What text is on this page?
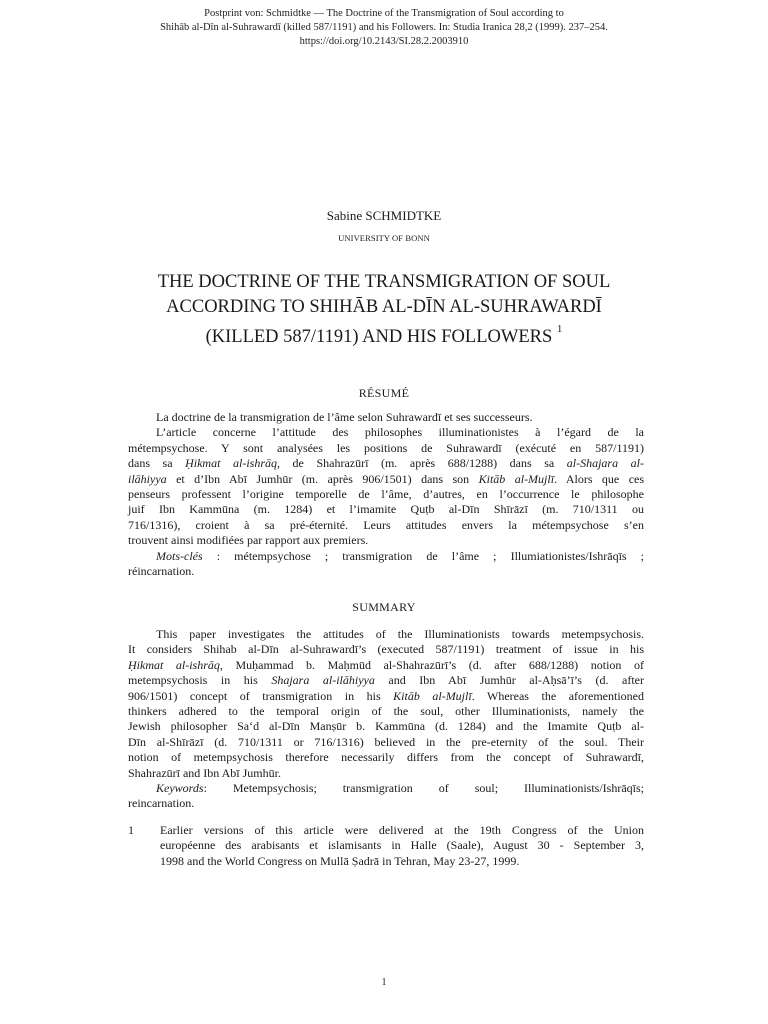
Postprint von: Schmidtke — The Doctrine of the Transmigration of Soul according to
Shihāb al-Dīn al-Suhrawardī (killed 587/1191) and his Followers. In: Studia Iranica 28,2 (1999). 237–254.
https://doi.org/10.2143/SI.28.2.2003910
Sabine SCHMIDTKE
UNIVERSITY OF BONN
THE DOCTRINE OF THE TRANSMIGRATION OF SOUL
ACCORDING TO SHIHĀB AL-DĪN AL-SUHRAWARDĪ
(KILLED 587/1191) AND HIS FOLLOWERS $^1$
RÉSUMÉ
La doctrine de la transmigration de l’âme selon Suhrawardī et ses successeurs.
L’article concerne l’attitude des philosophes illuminationistes à l’égard de la
métempsychose. Y sont analysées les positions de Suhrawardī (exécuté en 587/1191)
dans sa Ḥikmat al-ishrāq, de Shahrazūrī (m. après 688/1288) dans sa al-Shajara al-
ilāhiyya et d’Ibn Abī Jumhūr (m. après 906/1501) dans son Kitāb al-Mujlī. Alors que ces
penseurs professent l’origine temporelle de l’âme, d’autres, en l’occurrence le philosophe
juif Ibn Kammūna (m. 1284) et l’imamite Quṭb al-Dīn Shīrāzī (m. 710/1311 ou
716/1316), croient à sa pré-éternité. Leurs attitudes envers la métempsychose s’en
trouvent ainsi modifiées par rapport aux premiers.
Mots-clés : métempsychose ; transmigration de l’âme ; Illumiationistes/Ishrāqīs ;
réincarnation.
SUMMARY
This paper investigates the attitudes of the Illuminationists towards metempsychosis.
It considers Shihab al-Dīn al-Suhrawardī’s (executed 587/1191) treatment of issue in his
Ḥikmat al-ishrāq, Muḥammad b. Maḥmūd al-Shahrazūrī’s (d. after 688/1288) notion of
metempsychosis in his Shajara al-ilāhiyya and Ibn Abī Jumhūr al-Aḥsā’ī’s (d. after
906/1501) concept of transmigration in his Kitāb al-Mujlī. Whereas the aforementioned
thinkers adhered to the temporal origin of the soul, other Illuminationists, namely the
Jewish philosopher Sa‘d al-Dīn Manṣūr b. Kammūna (d. 1284) and the Imamite Quṭb al-
Dīn al-Shīrāzī (d. 710/1311 or 716/1316) believed in the pre-eternity of the soul. Their
notion of metempsychosis therefore necessarily differs from the concept of Suhrawardī,
Shahrazūrī and Ibn Abī Jumhūr.
Keywords: Metempsychosis; transmigration of soul; Illuminationists/Ishrāqīs;
reincarnation.
1 Earlier versions of this article were delivered at the 19th Congress of the Union
européenne des arabisants et islamisants in Halle (Saale), August 30 - September 3,
1998 and the World Congress on Mullā Ṣadrā in Tehran, May 23-27, 1999.
1
